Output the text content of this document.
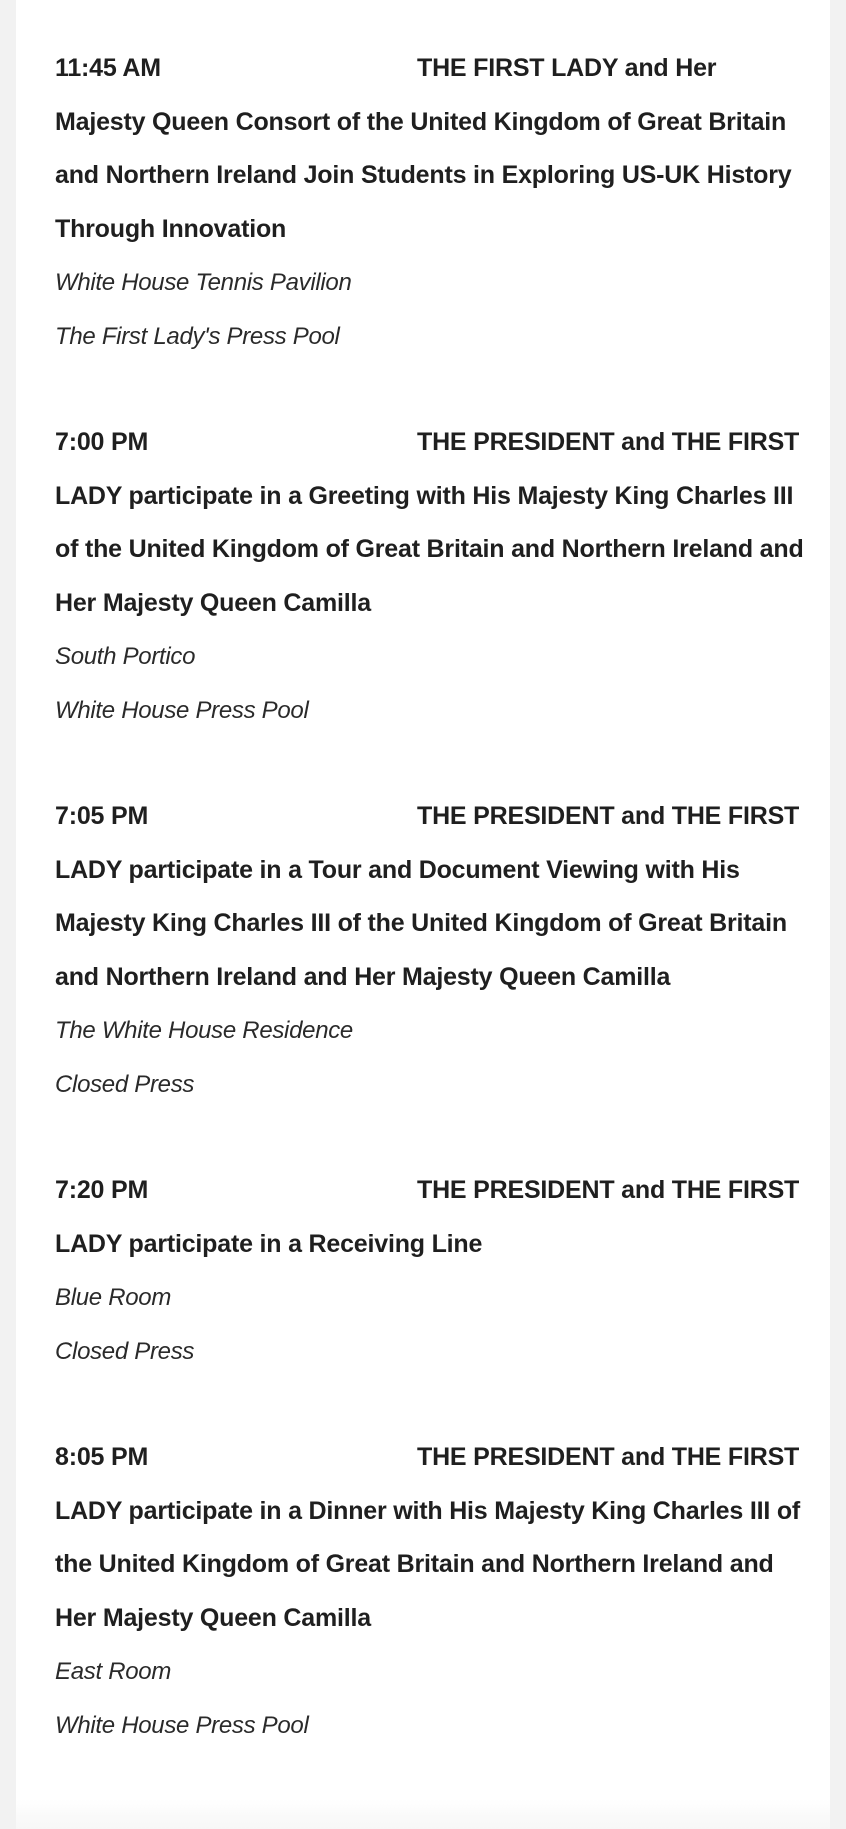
11:45 AM	THE FIRST LADY and Her Majesty Queen Consort of the United Kingdom of Great Britain and Northern Ireland Join Students in Exploring US-UK History Through Innovation

White House Tennis Pavilion

The First Lady's Press Pool

7:00 PM	THE PRESIDENT and THE FIRST LADY participate in a Greeting with His Majesty King Charles III of the United Kingdom of Great Britain and Northern Ireland and Her Majesty Queen Camilla

South Portico

White House Press Pool

7:05 PM	THE PRESIDENT and THE FIRST LADY participate in a Tour and Document Viewing with His Majesty King Charles III of the United Kingdom of Great Britain and Northern Ireland and Her Majesty Queen Camilla

The White House Residence

Closed Press

7:20 PM	THE PRESIDENT and THE FIRST LADY participate in a Receiving Line

Blue Room

Closed Press

8:05 PM	THE PRESIDENT and THE FIRST LADY participate in a Dinner with His Majesty King Charles III of the United Kingdom of Great Britain and Northern Ireland and Her Majesty Queen Camilla

East Room

White House Press Pool
